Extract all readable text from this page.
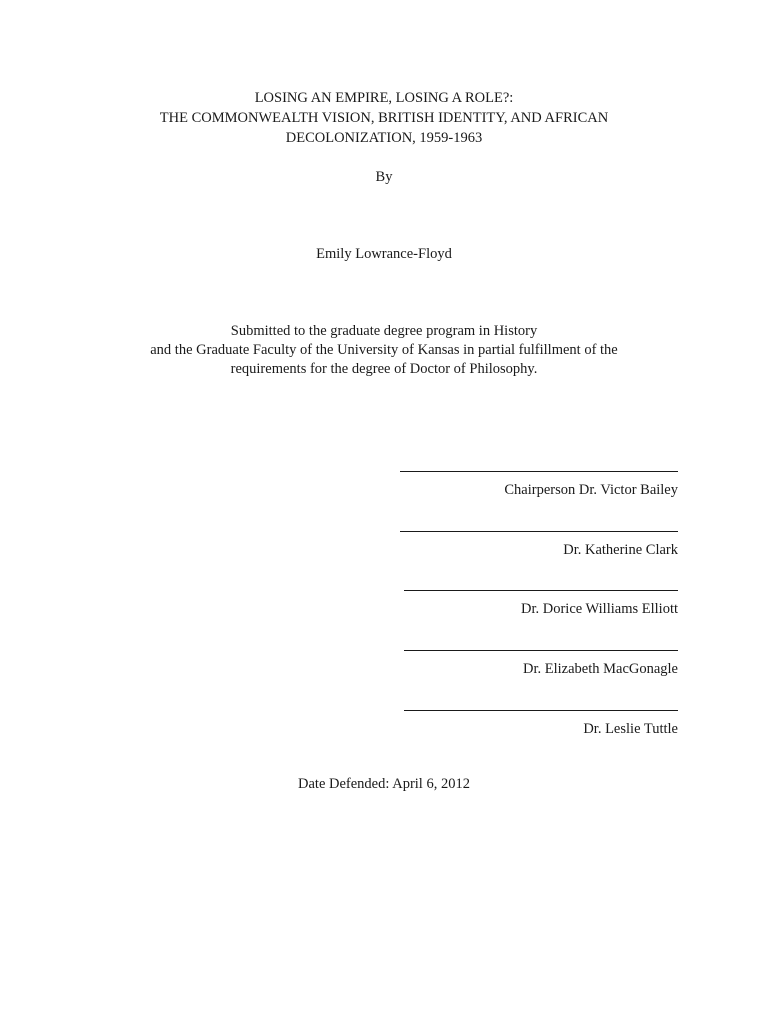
LOSING AN EMPIRE, LOSING A ROLE?:
THE COMMONWEALTH VISION, BRITISH IDENTITY, AND AFRICAN
DECOLONIZATION, 1959-1963
By
Emily Lowrance-Floyd
Submitted to the graduate degree program in History
and the Graduate Faculty of the University of Kansas in partial fulfillment of the
requirements for the degree of Doctor of Philosophy.
Chairperson Dr. Victor Bailey
Dr. Katherine Clark
Dr. Dorice Williams Elliott
Dr. Elizabeth MacGonagle
Dr. Leslie Tuttle
Date Defended: April 6, 2012
